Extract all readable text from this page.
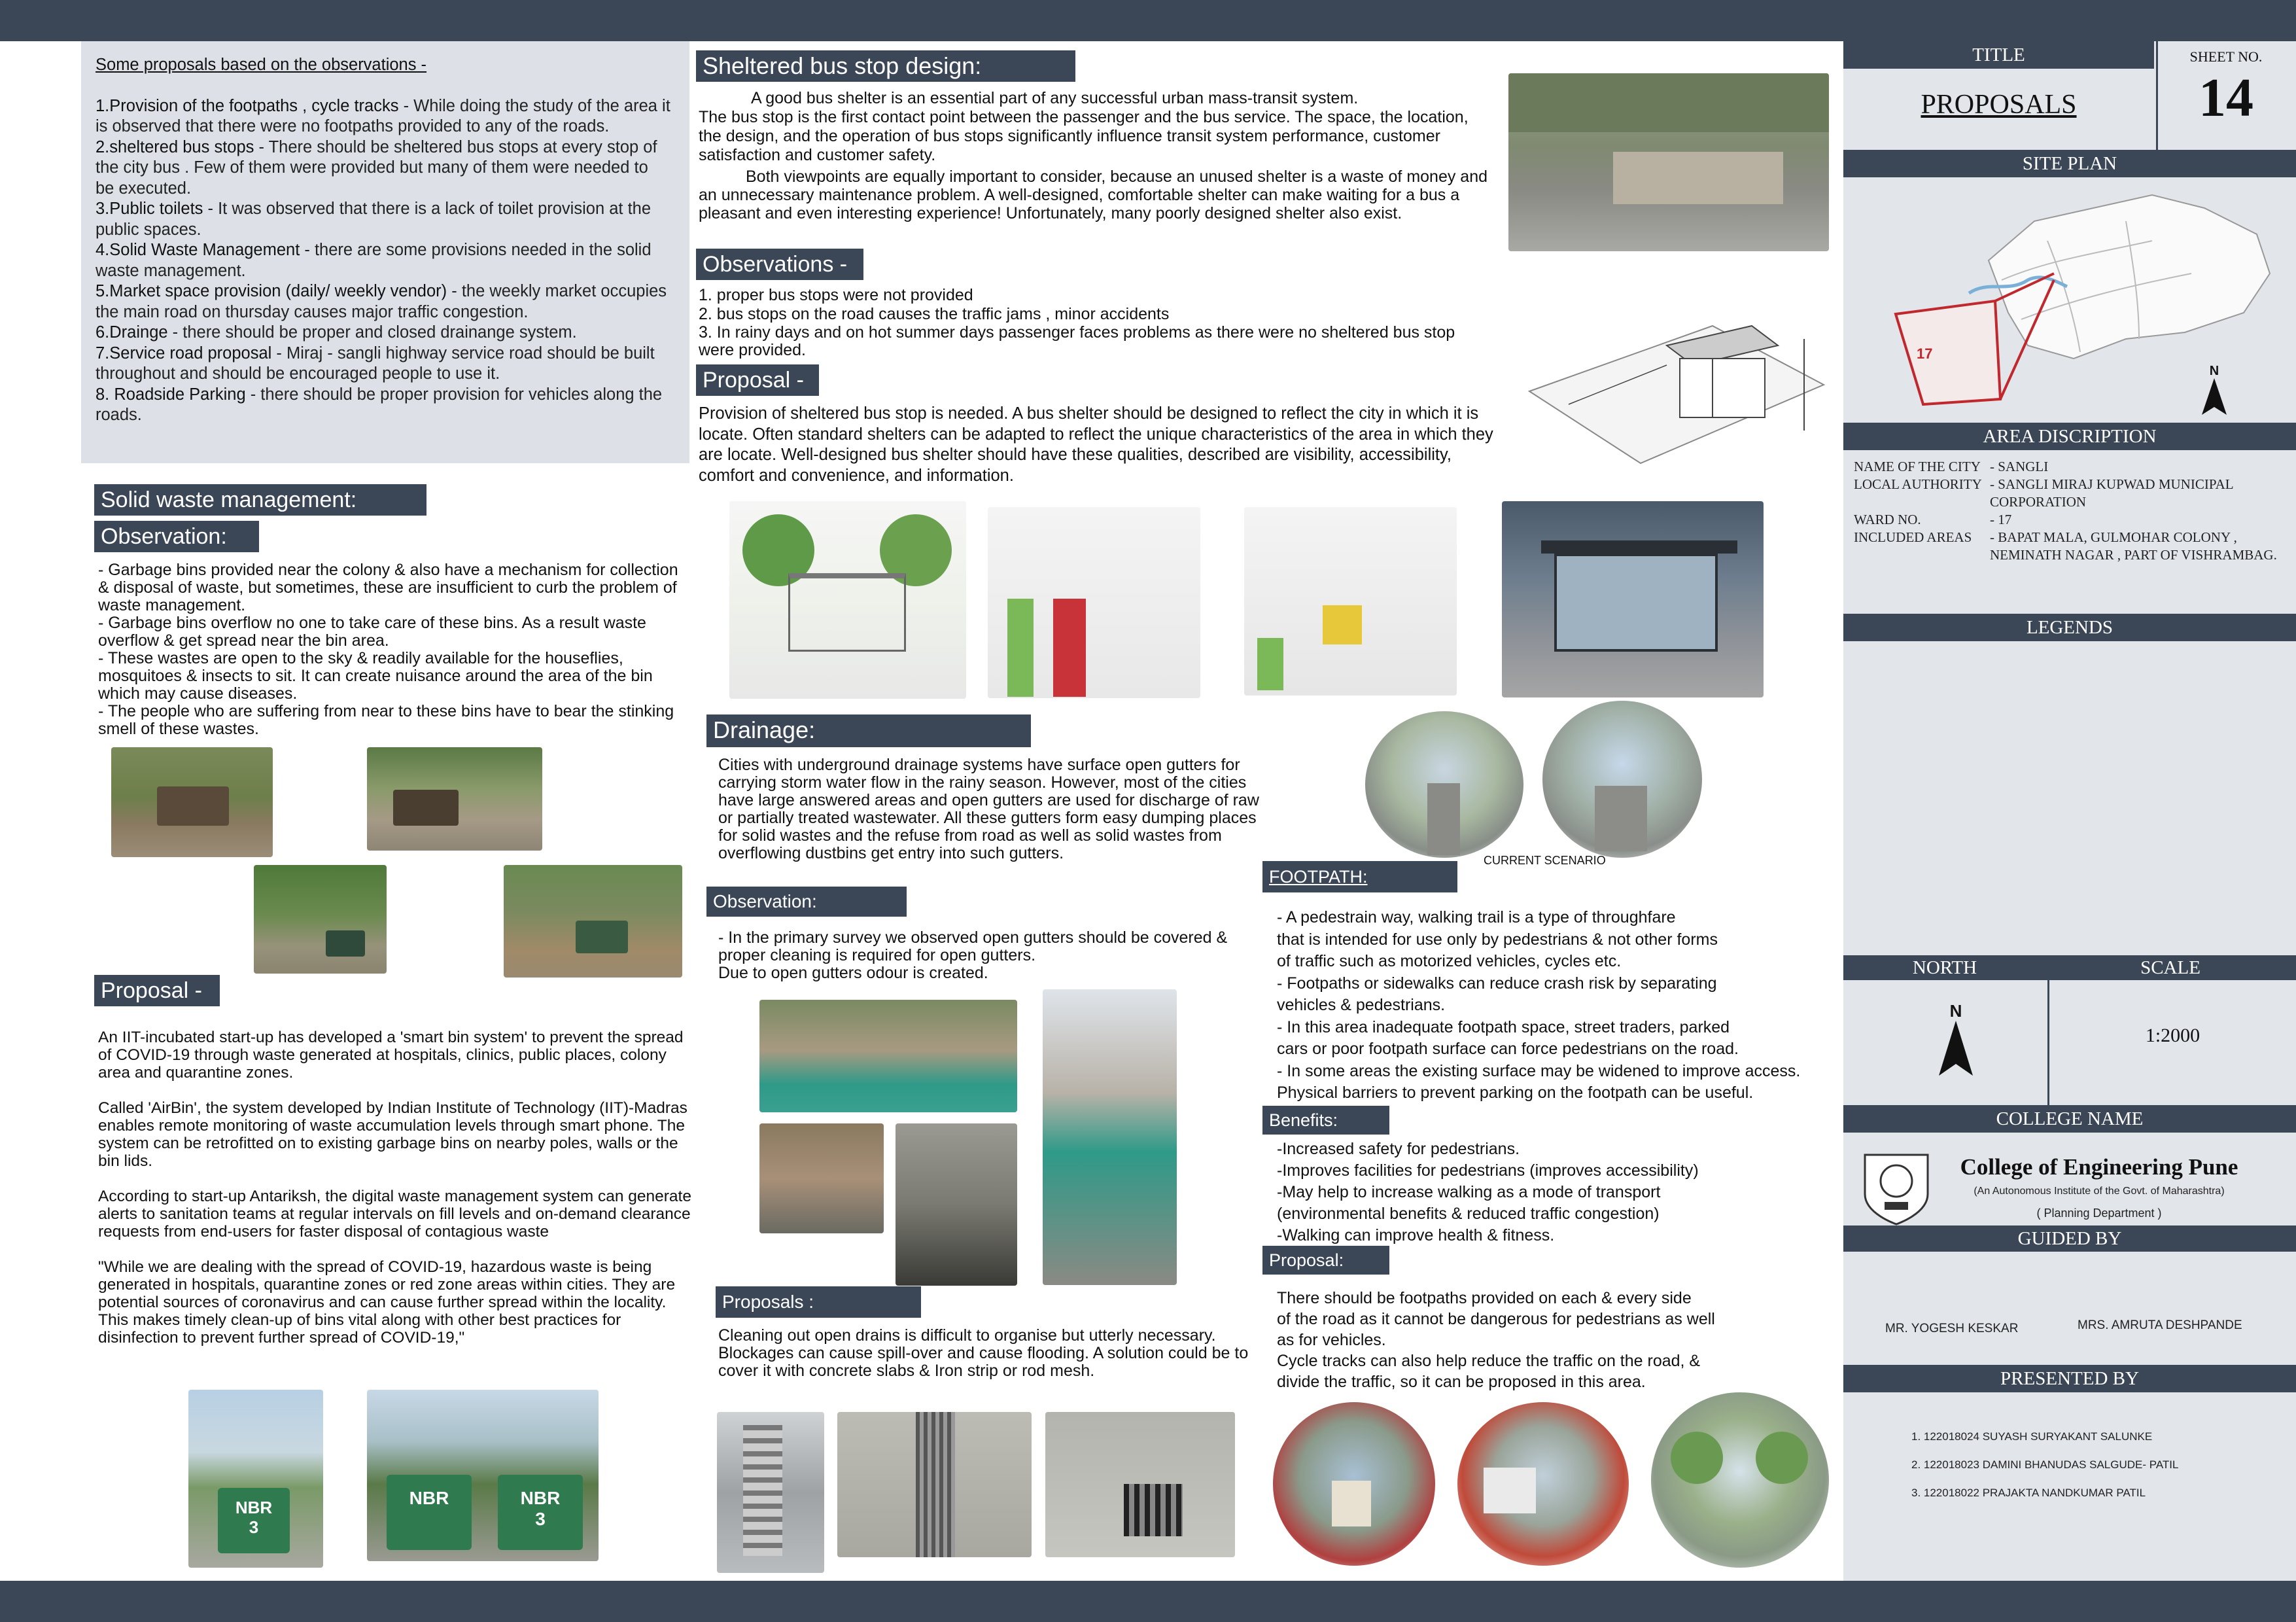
Some proposals based on the observations -

1.Provision of the footpaths , cycle tracks - While doing the study of the area it is observed that there were no footpaths provided to any of the roads.

2.sheltered bus stops - There should be sheltered bus stops at every stop of the city bus . Few of them were provided but many of them were needed to be executed.

3.Public toilets - It was observed that there is a lack of toilet provision at the public spaces.

4.Solid Waste Management - there are some provisions needed in the solid waste management.

5.Market space provision (daily/ weekly vendor) - the weekly market occupies the main road on thursday causes major traffic congestion.

6.Drainge - there should be proper and closed drainange system.

7.Service road proposal - Miraj - sangli highway service road should be built throughout and should be encouraged people to use it.

8. Roadside Parking - there should be proper provision for vehicles along the roads.

Solid waste management:
Observation:

- Garbage bins provided near the colony & also have a mechanism for collection & disposal of waste, but sometimes, these are insufficient to curb the problem of waste management.

- Garbage bins overflow no one to take care of these bins. As a result waste overflow & get spread near the bin area.

- These wastes are open to the sky & readily available for the houseflies, mosquitoes & insects to sit. It can create nuisance around the area of the bin which may cause diseases.

- The people who are suffering from near to these bins have to bear the stinking smell of these wastes.

Proposal -

An IIT-incubated start-up has developed a 'smart bin system' to prevent the spread of COVID-19 through waste generated at hospitals, clinics, public places, colony area and quarantine zones.

Called 'AirBin', the system developed by Indian Institute of Technology (IIT)-Madras enables remote monitoring of waste accumulation levels through smart phone. The system can be retrofitted on to existing garbage bins on nearby poles, walls or the bin lids.

According to start-up Antariksh, the digital waste management system can generate alerts to sanitation teams at regular intervals on fill levels and on-demand clearance requests from end-users for faster disposal of contagious waste

"While we are dealing with the spread of COVID-19, hazardous waste is being generated in hospitals, quarantine zones or red zone areas within cities. They are potential sources of coronavirus and can cause further spread within the locality. This makes timely clean-up of bins vital along with other best practices for disinfection to prevent further spread of COVID-19,"

NBR
3
NBR	NBR
3
Sheltered bus stop design:

A good bus shelter is an essential part of any successful urban mass-transit system.

The bus stop is the first contact point between the passenger and the bus service. The space, the location, the design, and the operation of bus stops significantly influence transit system performance, customer satisfaction and customer safety.

Both viewpoints are equally important to consider, because an unused shelter is a waste of money and an unnecessary maintenance problem. A well-designed, comfortable shelter can make waiting for a bus a pleasant and even interesting experience! Unfortunately, many poorly designed shelter also exist.

Observations -

1. proper bus stops were not provided

2. bus stops on the road causes the traffic jams , minor accidents

3. In rainy days and on hot summer days passenger faces problems as there were no sheltered bus stop were provided.

Proposal -

Provision of sheltered bus stop is needed. A bus shelter should be designed to reflect the city in which it is locate. Often standard shelters can be adapted to reflect the unique characteristics of the area in which they are locate. Well-designed bus shelter should have these qualities, described are visibility, accessibility, comfort and convenience, and information.

Drainage:

Cities with underground drainage systems have surface open gutters for carrying storm water flow in the rainy season. However, most of the cities have large answered areas and open gutters are used for discharge of raw or partially treated wastewater. All these gutters form easy dumping places for solid wastes and the refuse from road as well as solid wastes from overflowing dustbins get entry into such gutters.	CURRENT SCENARIO
Observation:

- In the primary survey we observed open gutters should be covered & proper cleaning is required for open gutters.

Due to open gutters odour is created.

Proposals :

Cleaning out open drains is difficult to organise but utterly necessary. Blockages can cause spill-over and cause flooding. A solution could be to cover it with concrete slabs & Iron strip or rod mesh.

FOOTPATH:

- A pedestrain way, walking trail is a type of throughfare

that is intended for use only by pedestrians & not other forms

of traffic such as motorized vehicles, cycles etc.

- Footpaths or sidewalks can reduce crash risk by separating

vehicles & pedestrians.

- In this area inadequate footpath space, street traders, parked

cars or poor footpath surface can force pedestrians on the road.

- In some areas the existing surface may be widened to improve access.

Physical barriers to prevent parking on the footpath can be useful.

Benefits:

-Increased safety for pedestrians.

-Improves facilities for pedestrians (improves accessibility)

-May help to increase walking as a mode of transport

(environmental benefits & reduced traffic congestion)

-Walking can improve health & fitness.

Proposal:

There should be footpaths provided on each & every side

of the road as it cannot be dangerous for pedestrians as well

as for vehicles.

Cycle tracks can also help reduce the traffic on the road, &

divide the traffic, so it can be proposed in this area.

TITLE	SHEET NO.
14
PROPOSALS
SITE PLAN
17
N
AREA DISCRIPTION
NAME OF THE CITY - SANGLI
LOCAL AUTHORITY - SANGLI MIRAJ KUPWAD MUNICIPAL CORPORATION
WARD NO.	- 17
INCLUDED AREAS	- BAPAT MALA, GULMOHAR COLONY , NEMINATH NAGAR , PART OF VISHRAMBAG.
LEGENDS
NORTH	SCALE
N
1:2000
COLLEGE NAME
College of Engineering Pune
(An Autonomous Institute of the Govt. of Maharashtra)
( Planning Department )
GUIDED BY
MR. YOGESH KESKAR	MRS. AMRUTA DESHPANDE
PRESENTED BY
1. 122018024 SUYASH SURYAKANT SALUNKE
2. 122018023 DAMINI BHANUDAS SALGUDE- PATIL
3. 122018022 PRAJAKTA NANDKUMAR PATIL
